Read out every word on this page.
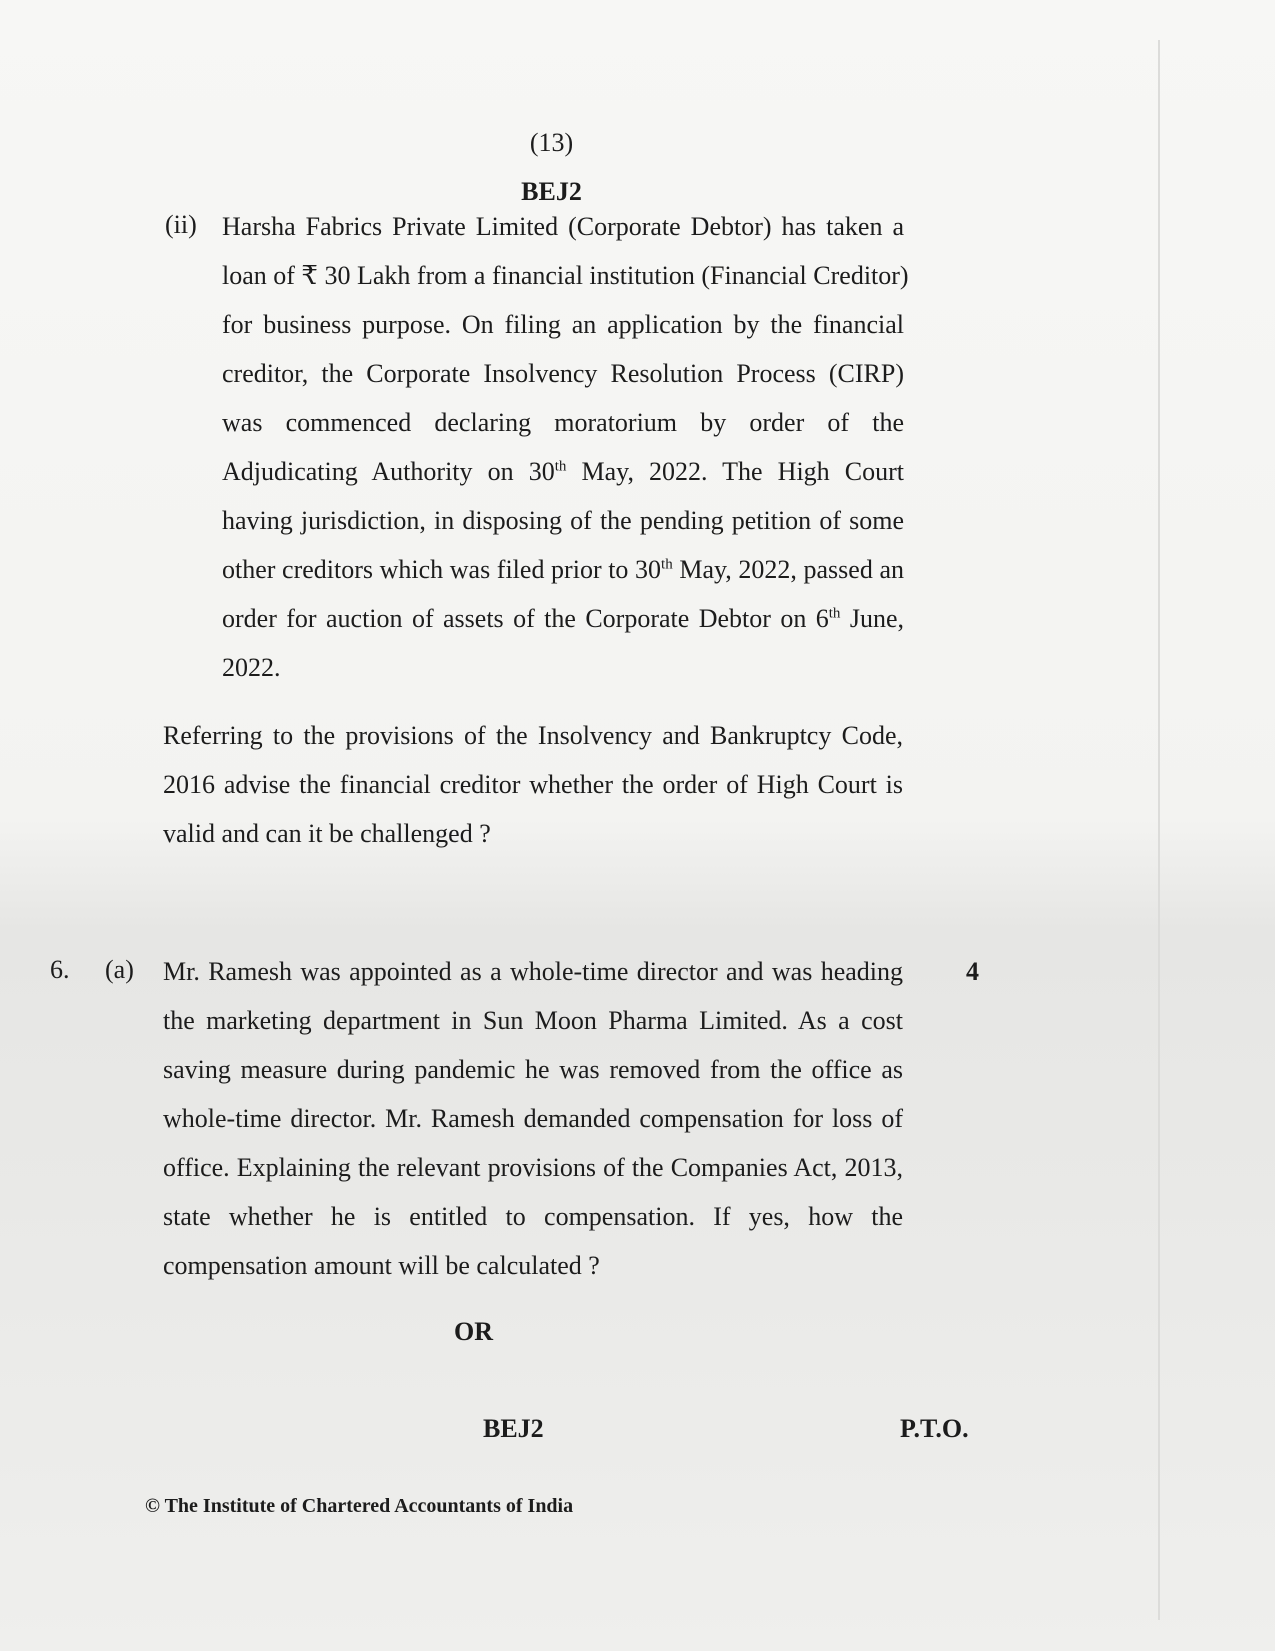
(13)
BEJ2
(ii) Harsha Fabrics Private Limited (Corporate Debtor) has taken a
loan of ₹ 30 Lakh from a financial institution (Financial Creditor)
for business purpose. On filing an application by the financial
creditor, the Corporate Insolvency Resolution Process (CIRP)
was commenced declaring moratorium by order of the
Adjudicating Authority on 30th May, 2022. The High Court
having jurisdiction, in disposing of the pending petition of some
other creditors which was filed prior to 30th May, 2022, passed an
order for auction of assets of the Corporate Debtor on 6th June,
2022.
Referring to the provisions of the Insolvency and Bankruptcy Code,
2016 advise the financial creditor whether the order of High Court is
valid and can it be challenged ?
6. (a)	4
Mr. Ramesh was appointed as a whole-time director and was heading
the marketing department in Sun Moon Pharma Limited. As a cost
saving measure during pandemic he was removed from the office as
whole-time director. Mr. Ramesh demanded compensation for loss of
office. Explaining the relevant provisions of the Companies Act, 2013,
state whether he is entitled to compensation. If yes, how the
compensation amount will be calculated ?
OR
BEJ2	P.T.O.
© The Institute of Chartered Accountants of India
